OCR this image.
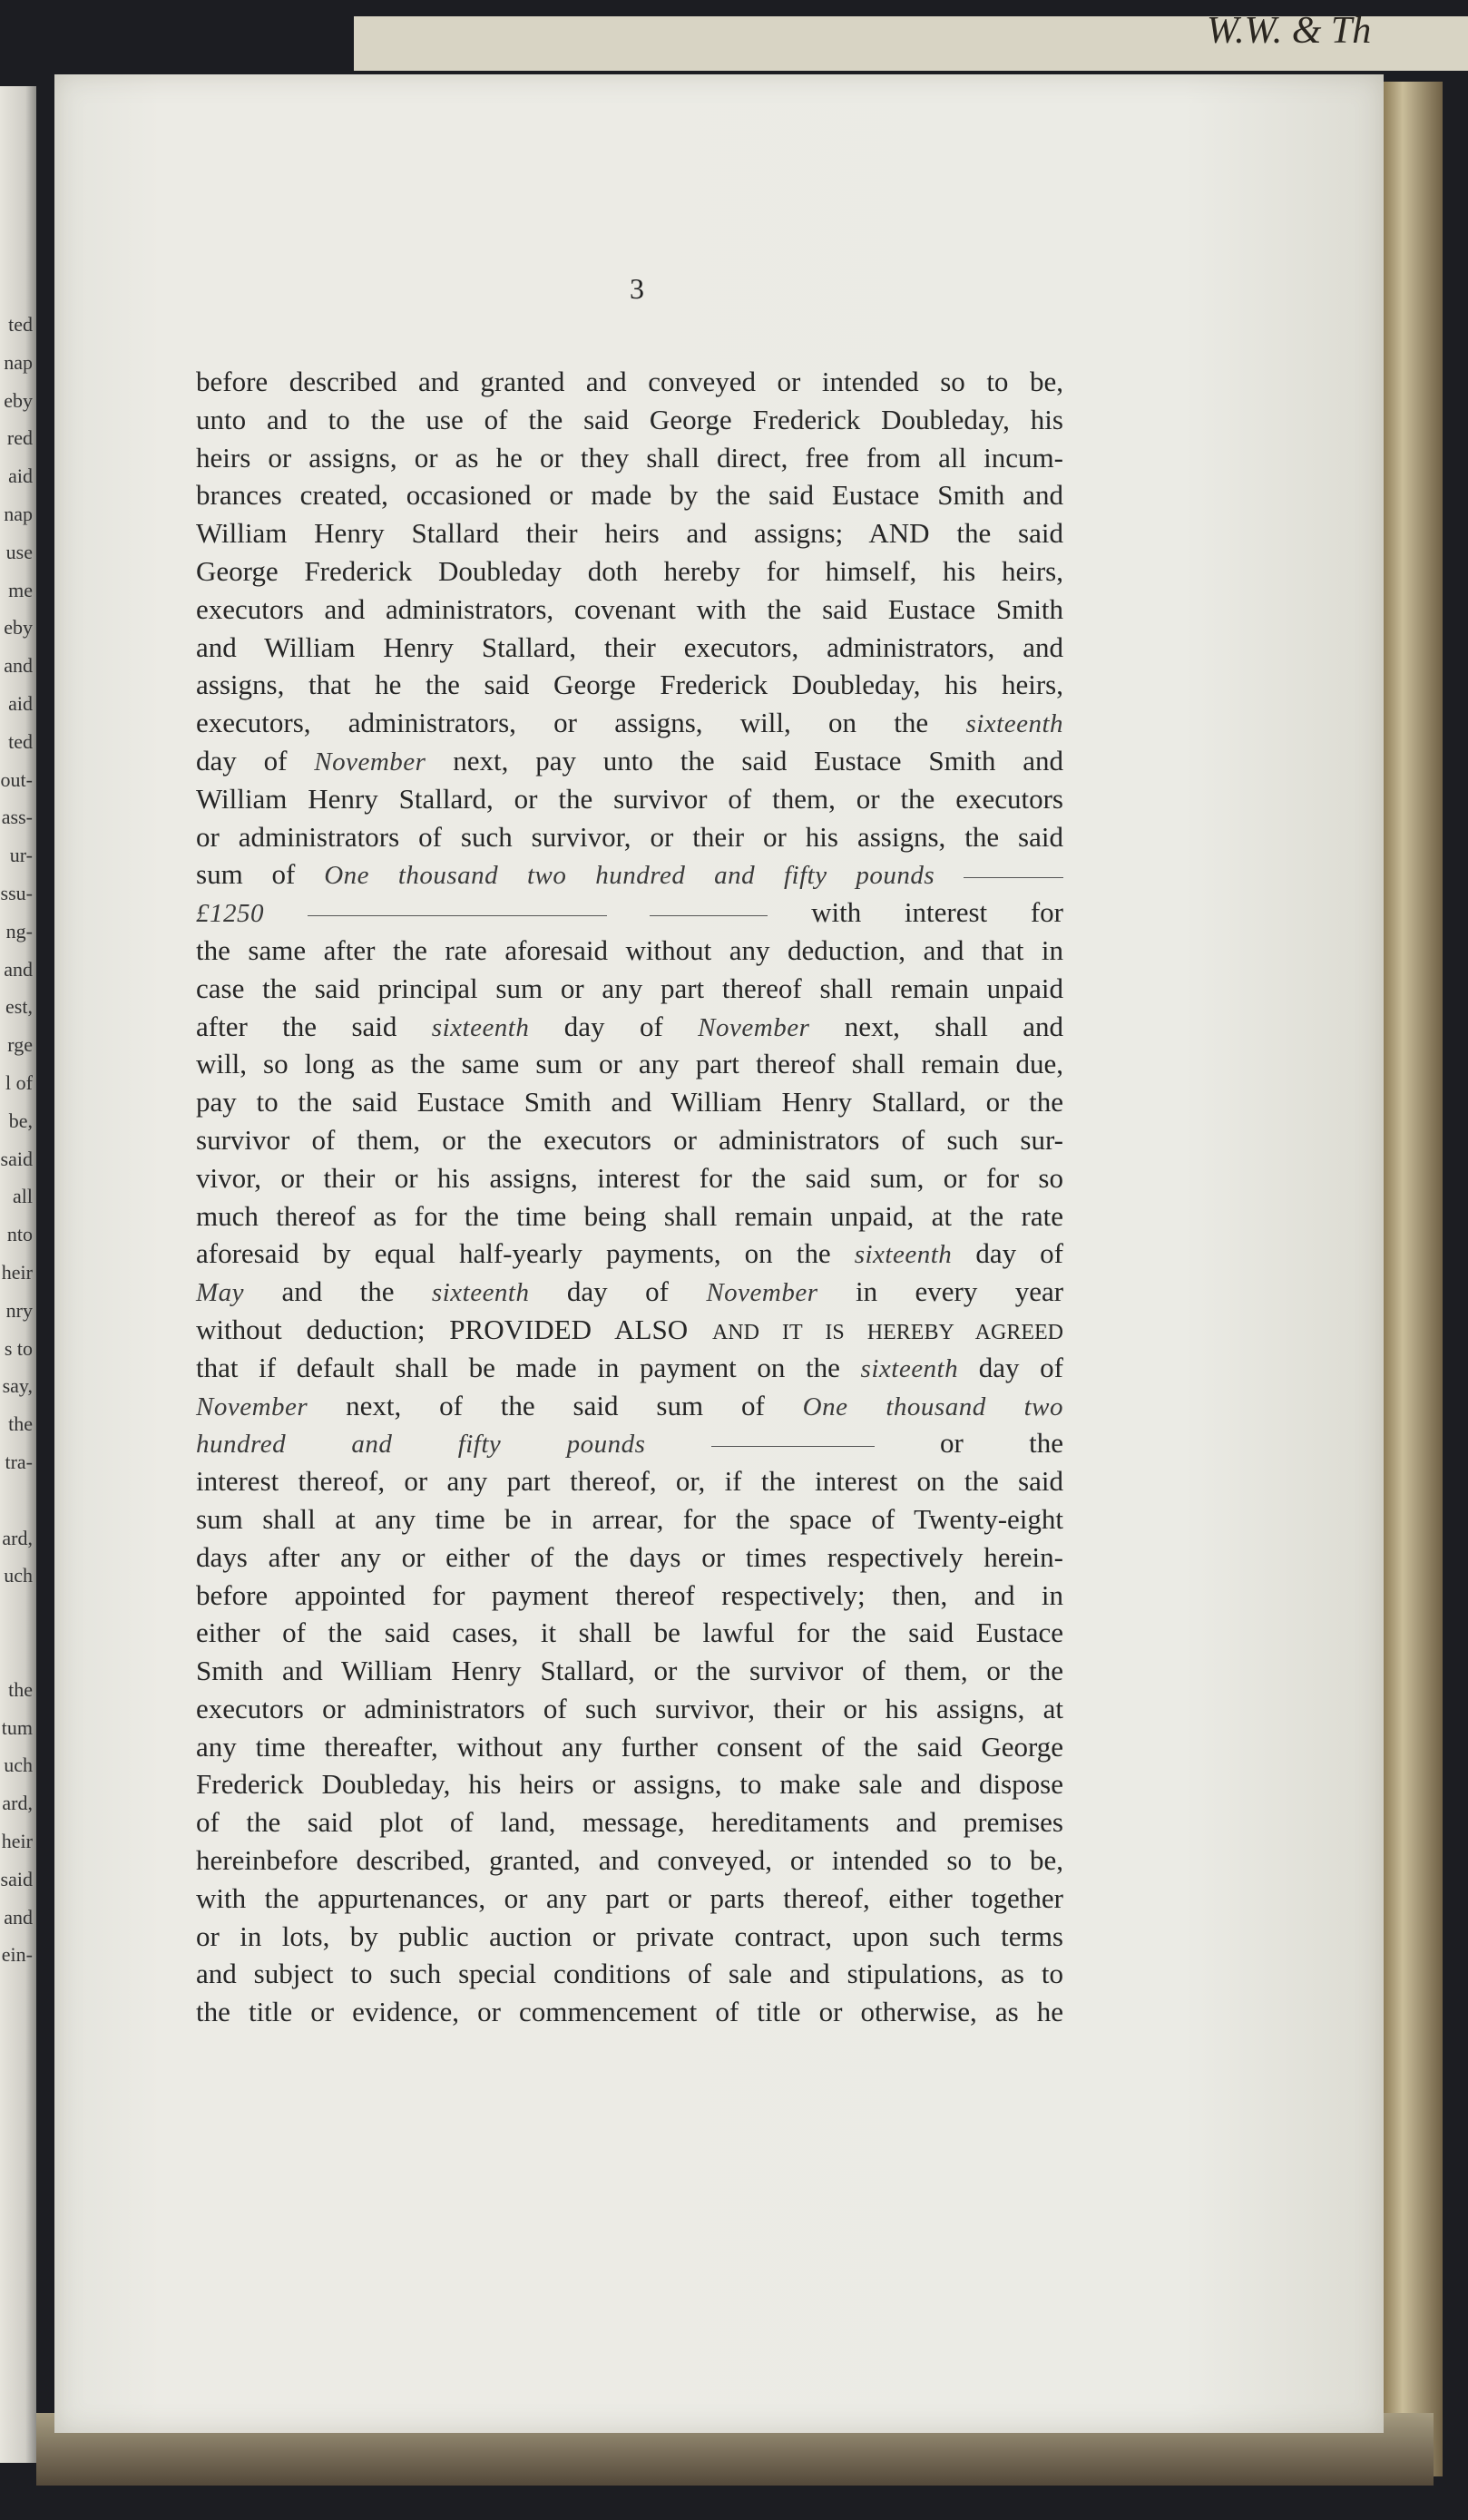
W.W. & Th
ted
nap
eby
red
aid
nap
use
me
eby
and
aid
ted
out-
ass-
ur-
ssu-
ng-
and
est,
rge
l of
be,
said
all
nto
heir
nry
s to
say,
the
tra-
ard,
uch
the
tum
uch
ard,
heir
said
and
ein-
3
before described and granted and conveyed or intended so to be,
unto and to the use of the said George Frederick Doubleday, his
heirs or assigns, or as he or they shall direct, free from all incum-
brances created, occasioned or made by the said Eustace Smith and
William Henry Stallard their heirs and assigns; AND the said
George Frederick Doubleday doth hereby for himself, his heirs,
executors and administrators, covenant with the said Eustace Smith
and William Henry Stallard, their executors, administrators, and
assigns, that he the said George Frederick Doubleday, his heirs,
executors, administrators, or assigns, will, on the sixteenth
day of November next, pay unto the said Eustace Smith and
William Henry Stallard, or the survivor of them, or the executors
or administrators of such survivor, or their or his assigns, the said
sum of One thousand two hundred and fifty pounds
£1250	with interest for
the same after the rate aforesaid without any deduction, and that in
case the said principal sum or any part thereof shall remain unpaid
after the said sixteenth day of November next, shall and
will, so long as the same sum or any part thereof shall remain due,
pay to the said Eustace Smith and William Henry Stallard, or the
survivor of them, or the executors or administrators of such sur-
vivor, or their or his assigns, interest for the said sum, or for so
much thereof as for the time being shall remain unpaid, at the rate
aforesaid by equal half-yearly payments, on the sixteenth day of
May and the sixteenth day of November in every year
without deduction; PROVIDED ALSO AND IT IS HEREBY AGREED
that if default shall be made in payment on the sixteenth day of
November next, of the said sum of One thousand two
hundred and fifty pounds	or the
interest thereof, or any part thereof, or, if the interest on the said
sum shall at any time be in arrear, for the space of Twenty-eight
days after any or either of the days or times respectively herein-
before appointed for payment thereof respectively; then, and in
either of the said cases, it shall be lawful for the said Eustace
Smith and William Henry Stallard, or the survivor of them, or the
executors or administrators of such survivor, their or his assigns, at
any time thereafter, without any further consent of the said George
Frederick Doubleday, his heirs or assigns, to make sale and dispose
of the said plot of land, message, hereditaments and premises
hereinbefore described, granted, and conveyed, or intended so to be,
with the appurtenances, or any part or parts thereof, either together
or in lots, by public auction or private contract, upon such terms
and subject to such special conditions of sale and stipulations, as to
the title or evidence, or commencement of title or otherwise, as he
